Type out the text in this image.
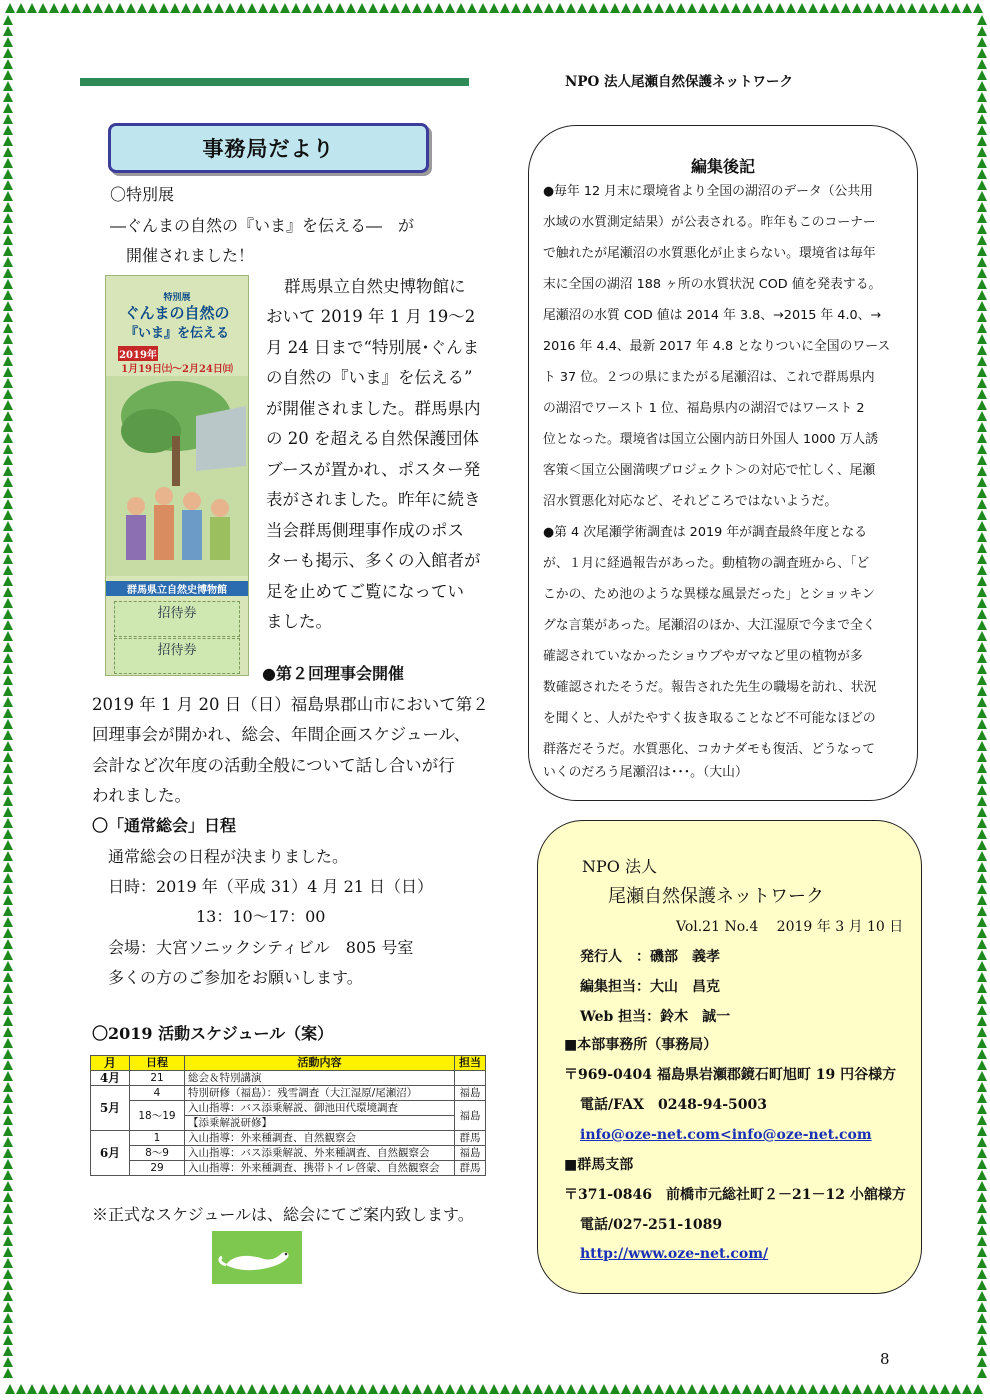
NPO 法人尾瀬自然保護ネットワーク
事務局だより
〇特別展
―ぐんまの自然の『いま』を伝える―　が
開催されました！
群馬県立自然史博物館に
おいて 2019 年 1 月 19～2
月 24 日まで“特別展･ぐんま
の自然の『いま』を伝える”
が開催されました。群馬県内
の 20 を超える自然保護団体
ブースが置かれ、ポスター発
表がされました。昨年に続き
当会群馬側理事作成のポス
ターも掲示、多くの入館者が
足を止めてご覧になってい
ました。
特別展
ぐんまの自然の
『いま』を伝える
2019年
1月19日㈯～2月24日㈰
群馬県立自然史博物館
招待券
招待券
●第２回理事会開催
2019 年 1 月 20 日（日）福島県郡山市において第２
回理事会が開かれ、総会、年間企画スケジュール、
会計など次年度の活動全般について話し合いが行
われました。
〇「通常総会」日程
通常総会の日程が決まりました。
日時：2019 年（平成 31）4 月 21 日（日）
13：10～17：00
会場：大宮ソニックシティビル　805 号室
多くの方のご参加をお願いします。
〇2019 活動スケジュール（案）
月	日程	活動内容	担当
4月	21	総会＆特別講演	
5月	4	特別研修（福島）：残雪調査（大江湿原/尾瀬沼）	福島
	18～19	入山指導：バス添乗解説、御池田代環境調査	福島
		【添乗解説研修】	
6月	1	入山指導：外来種調査、自然観察会	群馬
	8～9	入山指導：バス添乗解説、外来種調査、自然観察会	福島
	29	入山指導：外来種調査、携帯トイレ啓蒙、自然観察会	群馬
※正式なスケジュールは、総会にてご案内致します。
編集後記
●毎年 12 月末に環境省より全国の湖沼のデータ（公共用
水域の水質測定結果）が公表される。昨年もこのコーナー
で触れたが尾瀬沼の水質悪化が止まらない。環境省は毎年
末に全国の湖沼 188 ヶ所の水質状況 COD 値を発表する。
尾瀬沼の水質 COD 値は 2014 年 3.8、→2015 年 4.0、→
2016 年 4.4、最新 2017 年 4.8 となりついに全国のワース
ト 37 位。２つの県にまたがる尾瀬沼は、これで群馬県内
の湖沼でワースト 1 位、福島県内の湖沼ではワースト 2
位となった。環境省は国立公園内訪日外国人 1000 万人誘
客策＜国立公園満喫プロジェクト＞の対応で忙しく、尾瀬
沼水質悪化対応など、それどころではないようだ。
●第 4 次尾瀬学術調査は 2019 年が調査最終年度となる
が、１月に経過報告があった。動植物の調査班から、「ど
こかの、ため池のような異様な風景だった」とショッキン
グな言葉があった。尾瀬沼のほか、大江湿原で今まで全く
確認されていなかったショウブやガマなど里の植物が多
数確認されたそうだ。報告された先生の職場を訪れ、状況
を聞くと、人がたやすく抜き取ることなど不可能なほどの
群落だそうだ。水質悪化、コカナダモも復活、どうなって
いくのだろう尾瀬沼は･･･。（大山）
NPO 法人
尾瀬自然保護ネットワーク
Vol.21 No.4　 2019 年 3 月 10 日
発行人　：磯部　義孝
編集担当：大山　昌克
Web 担当：鈴木　誠一
■本部事務所（事務局）
〒969-0404 福島県岩瀬郡鏡石町旭町 19 円谷様方
電話/FAX　0248-94-5003
info@oze-net.com<info@oze-net.com
■群馬支部
〒371-0846　前橋市元総社町２－21－12 小舘様方
電話/027-251-1089
http://www.oze-net.com/
8
